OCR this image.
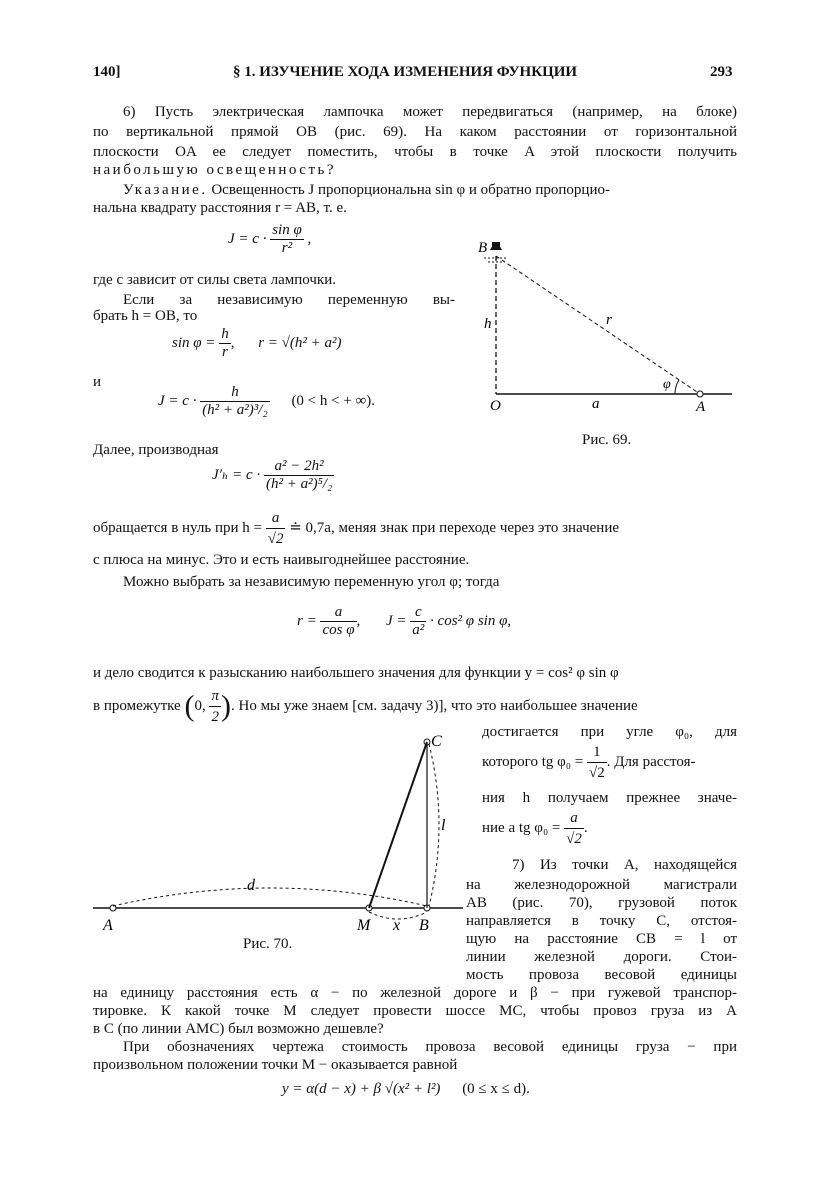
140]	§ 1. ИЗУЧЕНИЕ ХОДА ИЗМЕНЕНИЯ ФУНКЦИИ	293
6) Пусть электрическая лампочка может передвигаться (например, на блоке)
по вертикальной прямой OB (рис. 69). На каком расстоянии от горизонтальной
плоскости OA ее следует поместить, чтобы в точке A этой плоскости получить
наибольшую освещенность?
Указание. Освещенность J пропорциональна sin φ и обратно пропорцио-
нальна квадрату расстояния r = AB, т. е.
$J = c \cdot \frac{\text{sin φ}}{\text{r²}}$ ,
где c зависит от силы света лампочки.
Если за независимую переменную вы-
брать h = OB, то
$\sin \varphi = \frac{h}{r}$ , r = √(h² + a²)
и
$J = c \cdot \frac{h}{\text{(h² + a²)³/₂}} (0 < h$ < + ∞).
Далее, производная
$J'_h = c \cdot \frac{\text{a² − 2h²}}{\text{(h² + a²)⁵/₂}}$
обращается в нуль при $h = \frac{a}{√2}$ ≐ 0,7a, меняя знак при переходе через это значение
с плюса на минус. Это и есть наивыгоднейшее расстояние.
Можно выбрать за независимую переменную угол φ; тогда
$r = \frac{a}{\text{cos φ}}$ , $J = \frac{c}{\text{a²}} \cdot \cos^2$ φ sin φ,
и дело сводится к разысканию наибольшего значения для функции y = cos² φ sin φ
в промежутке (0, $\frac{\pi}{2}$ ). Но мы уже знаем [см. задачу 3)], что это наибольшее значение
достигается при угле φ₀, для
которого tg $\varphi_0 = \frac{1}{√2}$ . Для расстоя-
ния h получаем прежнее значе-
ние a tg $\varphi_0 = \frac{a}{√2}$ .
7) Из точки A, находящейся
на железнодорожной магистрали
AB (рис. 70), грузовой поток
направляется в точку C, отстоя-
щую на расстояние CB = l от
линии железной дороги. Стои-
мость провоза весовой единицы
на единицу расстояния есть α − по железной дороге и β − при гужевой транспор-
тировке. К какой точке M следует провести шоссе MC, чтобы провоз груза из A
в C (по линии AMC) был возможно дешевле?
При обозначениях чертежа стоимость провоза весовой единицы груза − при
произвольном положении точки M − оказывается равной
y = α(d − x) + β √(x² + l²) (0 ≤ x ≤ d).
B
h	r
φ
O	a	A
Рис. 69.
A
d
M x B
C
l
Рис. 70.
